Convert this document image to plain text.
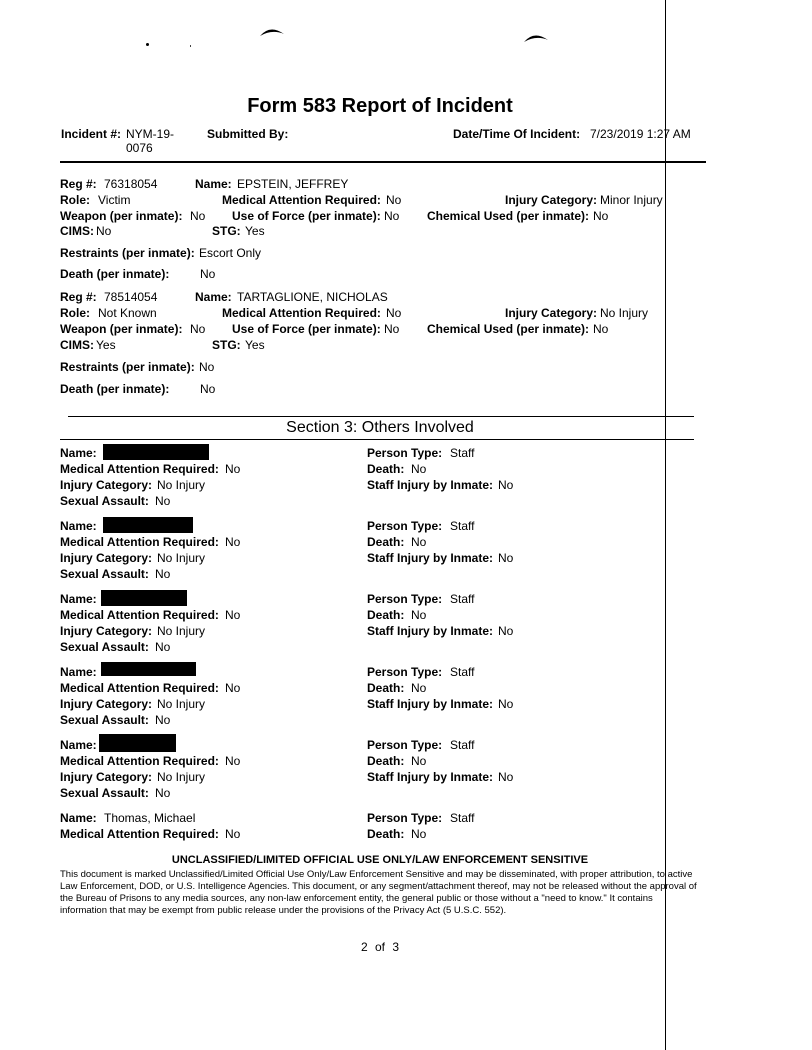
Form 583 Report of Incident
Incident #: NYM-19-
0076
Submitted By:	Date/Time Of Incident: 7/23/2019 1:27 AM
Reg #: 76318054	Name: EPSTEIN, JEFFREY
Role: Victim	Medical Attention Required: No	Injury Category: Minor Injury
Weapon (per inmate): No Use of Force (per inmate): No Chemical Used (per inmate): No
CIMS: No	STG: Yes
Restraints (per inmate): Escort Only
Death (per inmate):	No
Reg #: 78514054	Name: TARTAGLIONE, NICHOLAS
Role: Not Known	Medical Attention Required: No	Injury Category: No Injury
Weapon (per inmate): No Use of Force (per inmate): No Chemical Used (per inmate): No
CIMS: Yes	STG: Yes
Restraints (per inmate): No
Death (per inmate):	No
Section 3: Others Involved
Name:
Medical Attention Required: No
Injury Category: No Injury
Sexual Assault: No
Person Type: Staff
Death: No
Staff Injury by Inmate: No
Name:
Medical Attention Required: No
Injury Category: No Injury
Sexual Assault: No
Person Type: Staff
Death: No
Staff Injury by Inmate: No
Name:
Medical Attention Required: No
Injury Category: No Injury
Sexual Assault: No
Person Type: Staff
Death: No
Staff Injury by Inmate: No
Name:
Medical Attention Required: No
Injury Category: No Injury
Sexual Assault: No
Person Type: Staff
Death: No
Staff Injury by Inmate: No
Name:
Medical Attention Required: No
Injury Category: No Injury
Sexual Assault: No
Person Type: Staff
Death: No
Staff Injury by Inmate: No
Name: Thomas, Michael
Medical Attention Required: No
Person Type: Staff
Death: No
UNCLASSIFIED/LIMITED OFFICIAL USE ONLY/LAW ENFORCEMENT SENSITIVE
This document is marked Unclassified/Limited Official Use Only/Law Enforcement Sensitive and may be disseminated, with proper attribution, to active Law Enforcement, DOD, or U.S. Intelligence Agencies. This document, or any segment/attachment thereof, may not be released without the approval of the Bureau of Prisons to any media sources, any non-law enforcement entity, the general public or those without a "need to know." It contains information that may be exempt from public release under the provisions of the Privacy Act (5 U.S.C. 552).
2 of 3
